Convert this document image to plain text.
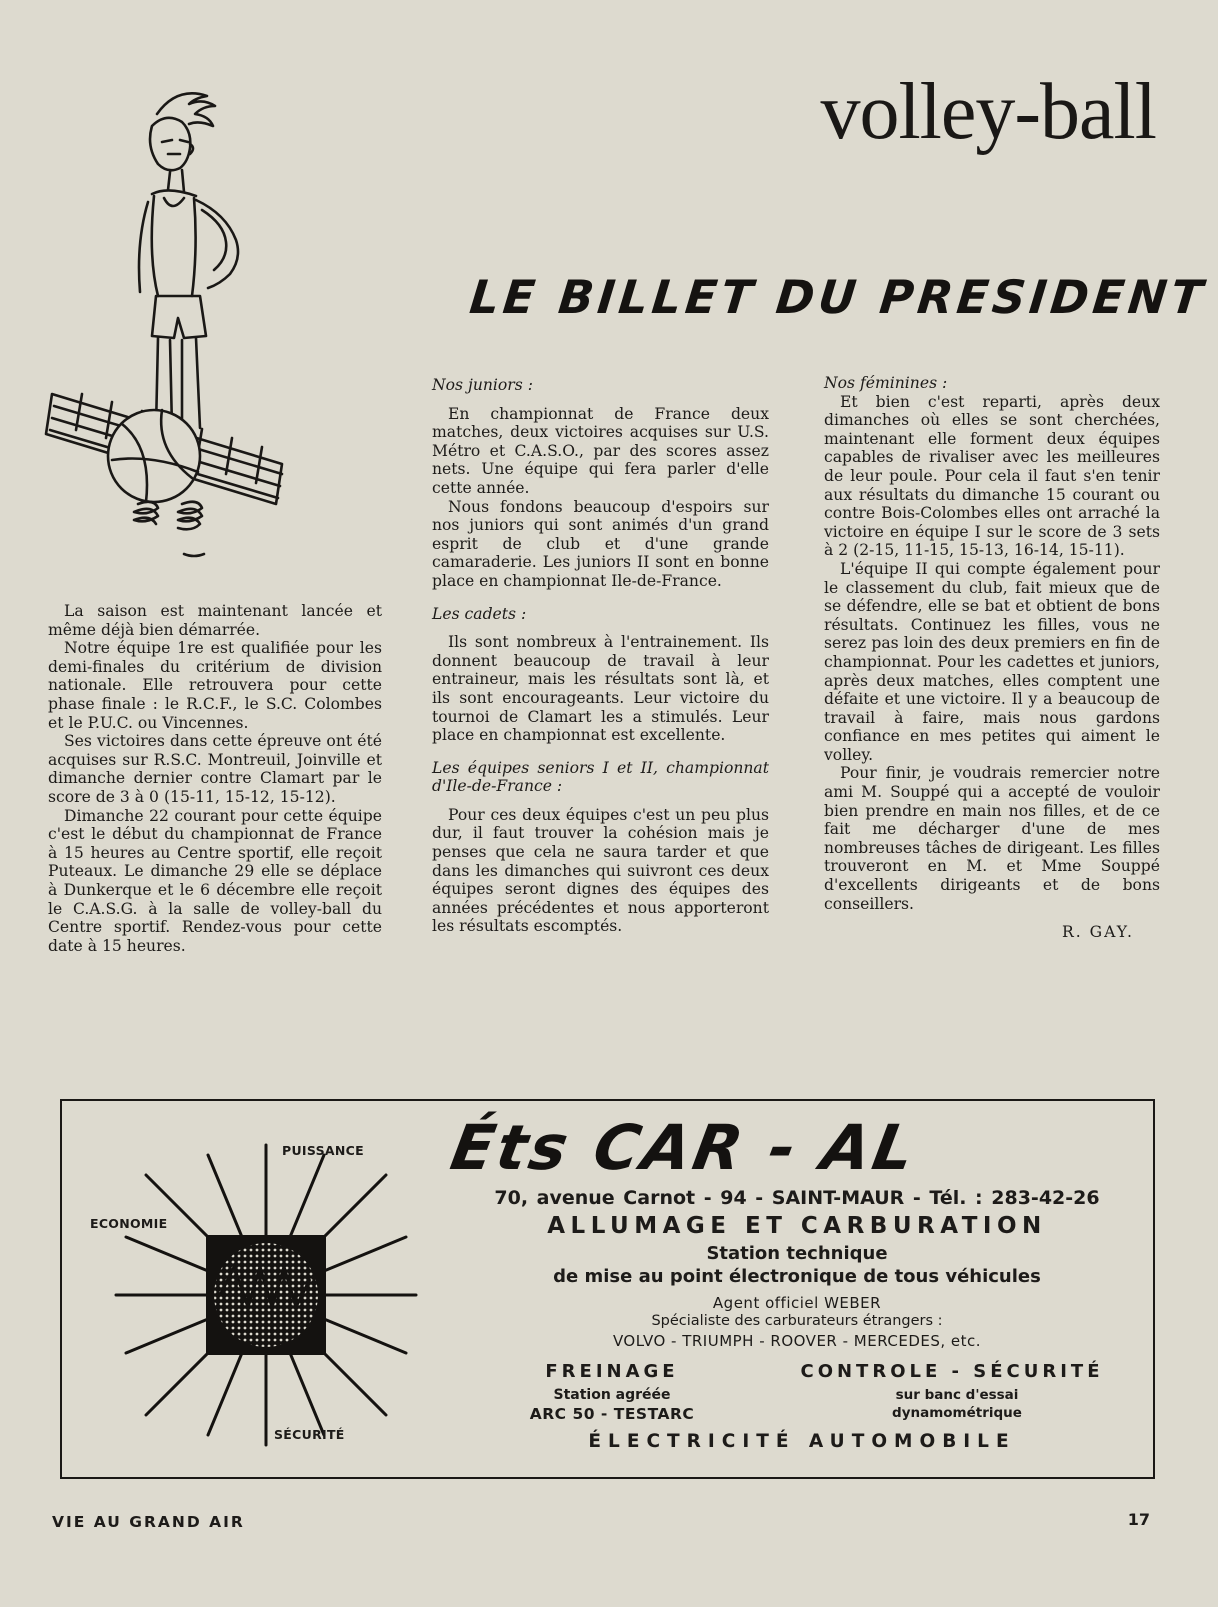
volley-ball
LE BILLET DU PRESIDENT

La saison est maintenant lancée et même déjà bien démarrée.

Notre équipe 1re est qualifiée pour les demi-finales du critérium de division nationale. Elle retrouvera pour cette phase finale : le R.C.F., le S.C. Colombes et le P.U.C. ou Vincennes.

Ses victoires dans cette épreuve ont été acquises sur R.S.C. Montreuil, Joinville et dimanche dernier contre Clamart par le score de 3 à 0 (15-11, 15-12, 15-12).

Dimanche 22 courant pour cette équipe c'est le début du championnat de France à 15 heures au Centre sportif, elle reçoit Puteaux. Le dimanche 29 elle se déplace à Dunkerque et le 6 décembre elle reçoit le C.A.S.G. à la salle de volley-ball du Centre sportif. Rendez-vous pour cette date à 15 heures.

Nos juniors :

En championnat de France deux matches, deux victoires acquises sur U.S. Métro et C.A.S.O., par des scores assez nets. Une équipe qui fera parler d'elle cette année.

Nous fondons beaucoup d'espoirs sur nos juniors qui sont animés d'un grand esprit de club et d'une grande camaraderie. Les juniors II sont en bonne place en championnat Ile-de-France.

Les cadets :

Ils sont nombreux à l'entrainement. Ils donnent beaucoup de travail à leur entraineur, mais les résultats sont là, et ils sont encourageants. Leur victoire du tournoi de Clamart les a stimulés. Leur place en championnat est excellente.

Les équipes seniors I et II, championnat d'Ile-de-France :

Pour ces deux équipes c'est un peu plus dur, il faut trouver la cohésion mais je penses que cela ne saura tarder et que dans les dimanches qui suivront ces deux équipes seront dignes des équipes des années précédentes et nous apporteront les résultats escomptés.

Nos féminines :

Et bien c'est reparti, après deux dimanches où elles se sont cherchées, maintenant elle forment deux équipes capables de rivaliser avec les meilleures de leur poule. Pour cela il faut s'en tenir aux résultats du dimanche 15 courant ou contre Bois-Colombes elles ont arraché la victoire en équipe I sur le score de 3 sets à 2 (2-15, 11-15, 15-13, 16-14, 15-11).

L'équipe II qui compte également pour le classement du club, fait mieux que de se défendre, elle se bat et obtient de bons résultats. Continuez les filles, vous ne serez pas loin des deux premiers en fin de championnat. Pour les cadettes et juniors, après deux matches, elles comptent une défaite et une victoire. Il y a beaucoup de travail à faire, mais nous gardons confiance en mes petites qui aiment le volley.

Pour finir, je voudrais remercier notre ami M. Souppé qui a accepté de vouloir bien prendre en main nos filles, et de ce fait me décharger d'une de mes nombreuses tâches de dirigeant. Les filles trouveront en M. et Mme Souppé d'excellents dirigeants et de bons conseillers.

R. GAY.
PUISSANCE
ECONOMIE
SÉCURITÉ
Éts CAR - AL
70, avenue Carnot - 94 - SAINT-MAUR - Tél. : 283-42-26
ALLUMAGE ET CARBURATION
Station technique
de mise au point électronique de tous véhicules
Agent officiel WEBER
Spécialiste des carburateurs étrangers :
VOLVO - TRIUMPH - ROOVER - MERCEDES, etc.
FREINAGE
Station agréée
ARC 50 - TESTARC
CONTROLE - SÉCURITÉ
sur banc d'essai
dynamométrique
ÉLECTRICITÉ AUTOMOBILE
VIE AU GRAND AIR	17
